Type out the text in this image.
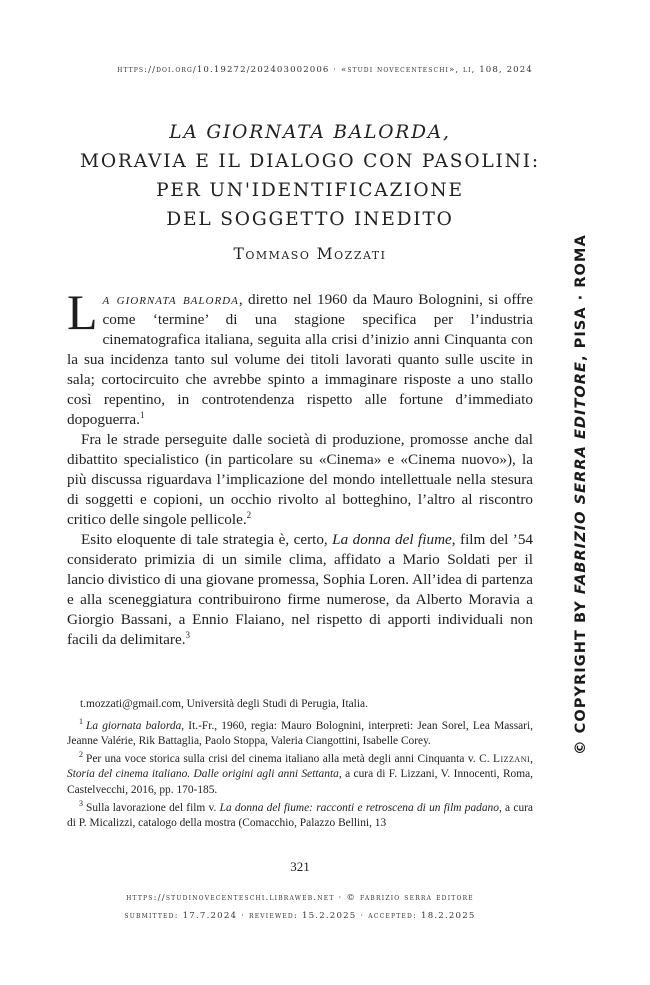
https://doi.org/10.19272/202403002006 · «studi novecenteschi», li, 108, 2024
LA GIORNATA BALORDA,
MORAVIA E IL DIALOGO CON PASOLINI:
PER UN'IDENTIFICAZIONE
DEL SOGGETTO INEDITO
Tommaso Mozzati
© COPYRIGHT BY FABRIZIO SERRA EDITORE, PISA · ROMA

La giornata balorda, diretto nel 1960 da Mauro Bolognini, si offre come ‘termine’ di una stagione specifica per l’industria cinematografica italiana, seguita alla crisi d’inizio anni Cinquanta con la sua incidenza tanto sul volume dei titoli lavorati quanto sulle uscite in sala; cortocircuito che avrebbe spinto a immaginare risposte a uno stallo così repentino, in controtendenza rispetto alle fortune d’immediato dopoguerra.$^1$

Fra le strade perseguite dalle società di produzione, promosse anche dal dibattito specialistico (in particolare su «Cinema» e «Cinema nuovo»), la più discussa riguardava l’implicazione del mondo intellettuale nella stesura di soggetti e copioni, un occhio rivolto al botteghino, l’altro al riscontro critico delle singole pellicole.$^2$

Esito eloquente di tale strategia è, certo, La donna del fiume, film del ’54 considerato primizia di un simile clima, affidato a Mario Soldati per il lancio divistico di una giovane promessa, Sophia Loren. All’idea di partenza e alla sceneggiatura contribuirono firme numerose, da Alberto Moravia a Giorgio Bassani, a Ennio Flaiano, nel rispetto di apporti individuali non facili da delimitare.$^3$

t.mozzati@gmail.com, Università degli Studi di Perugia, Italia.

$^1$ La giornata balorda, It.-Fr., 1960, regia: Mauro Bolognini, interpreti: Jean Sorel, Lea Massari, Jeanne Valérie, Rik Battaglia, Paolo Stoppa, Valeria Ciangottini, Isabelle Corey.

$^2$ Per una voce storica sulla crisi del cinema italiano alla metà degli anni Cinquanta v. C. Lizzani, Storia del cinema italiano. Dalle origini agli anni Settanta, a cura di F. Lizzani, V. Innocenti, Roma, Castelvecchi, 2016, pp. 170-185.

$^3$ Sulla lavorazione del film v. La donna del fiume: racconti e retroscena di un film padano, a cura di P. Micalizzi, catalogo della mostra (Comacchio, Palazzo Bellini, 13

321
https://studinovecenteschi.libraweb.net · © fabrizio serra editore
submitted: 17.7.2024 · reviewed: 15.2.2025 · accepted: 18.2.2025
